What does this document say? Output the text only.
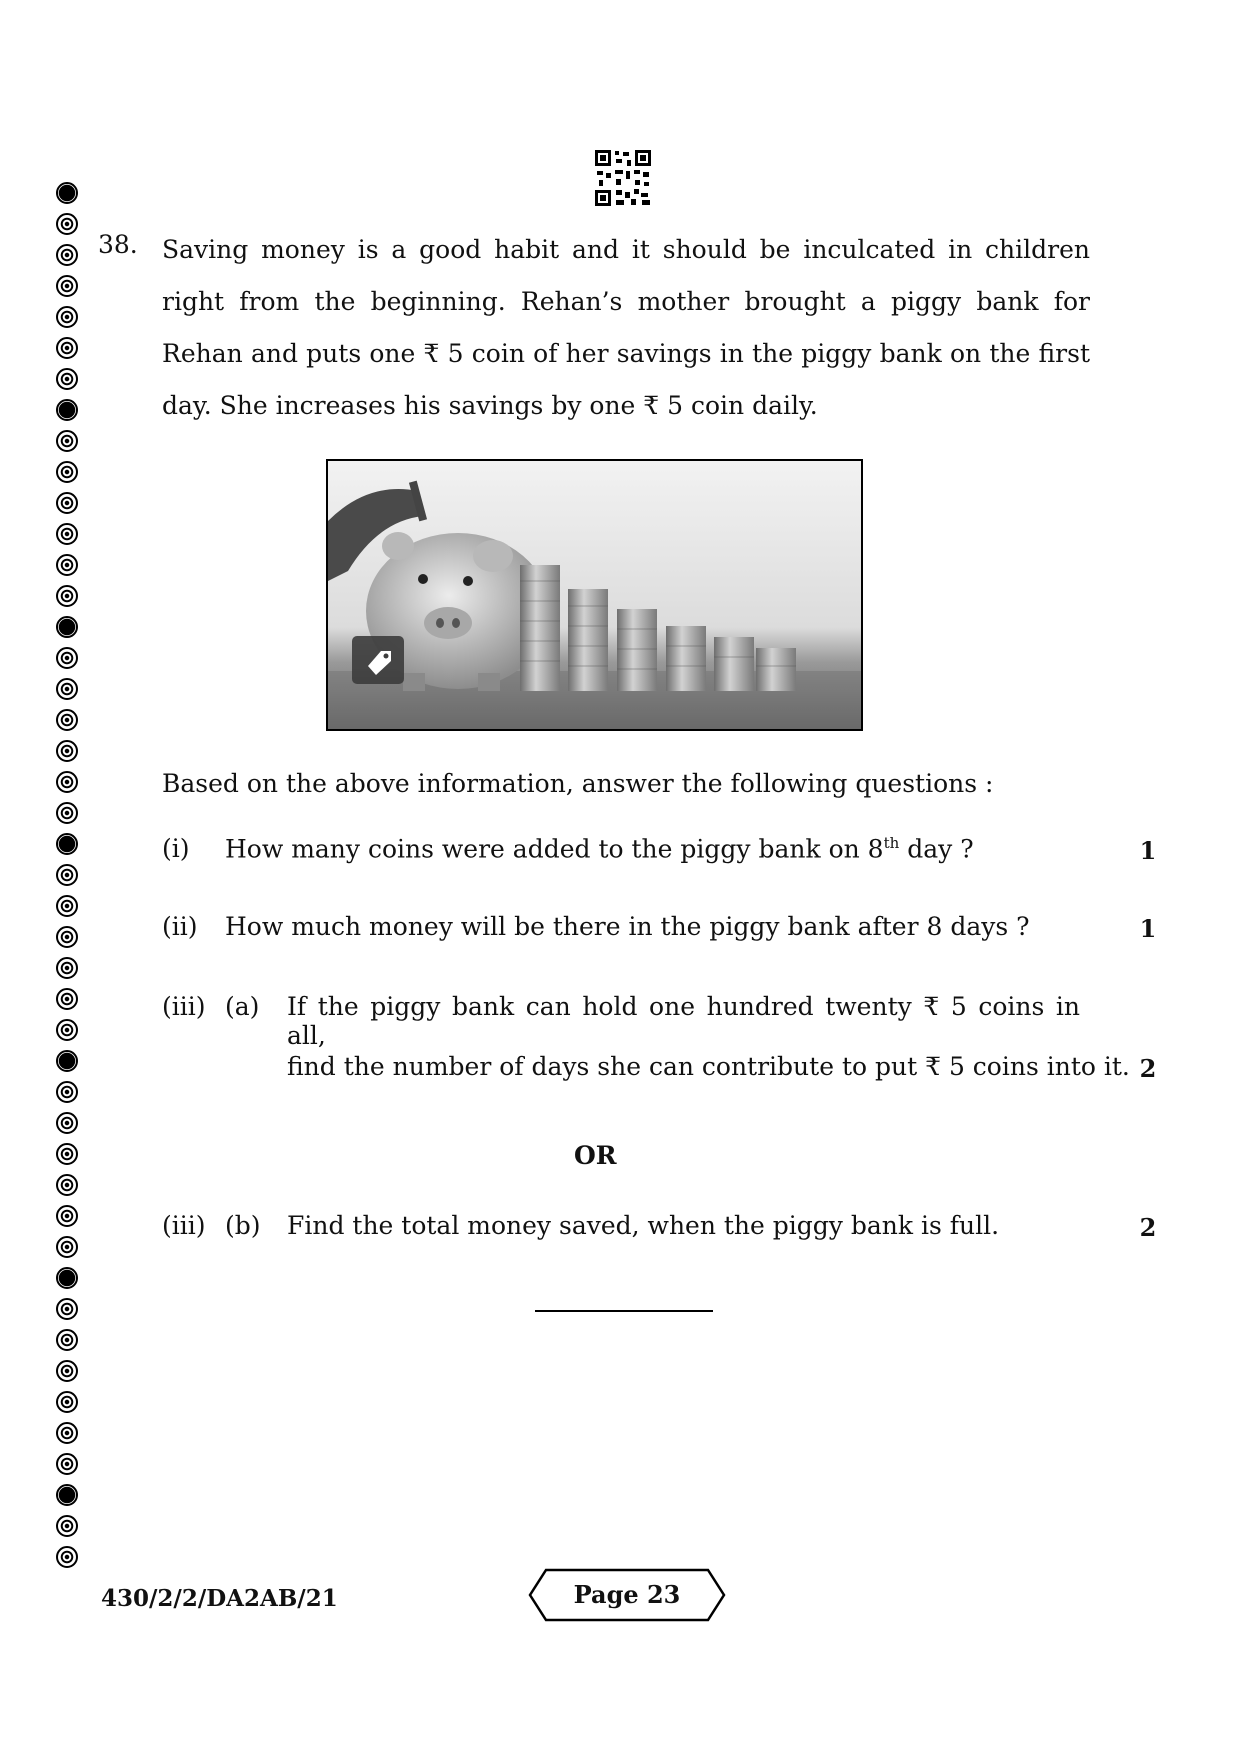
38. Saving money is a good habit and it should be inculcated in children right from the beginning. Rehan’s mother brought a piggy bank for Rehan and puts one ₹ 5 coin of her savings in the piggy bank on the first day. She increases his savings by one ₹ 5 coin daily.
Based on the above information, answer the following questions :
(i) How many coins were added to the piggy bank on 8th day ?	1
(ii) How much money will be there in the piggy bank after 8 days ?	1
(iii) (a) If the piggy bank can hold one hundred twenty ₹ 5 coins in all,
find the number of days she can contribute to put ₹ 5 coins into it. 2
OR
(iii) (b) Find the total money saved, when the piggy bank is full.	2
430/2/2/DA2AB/21	Page 23
